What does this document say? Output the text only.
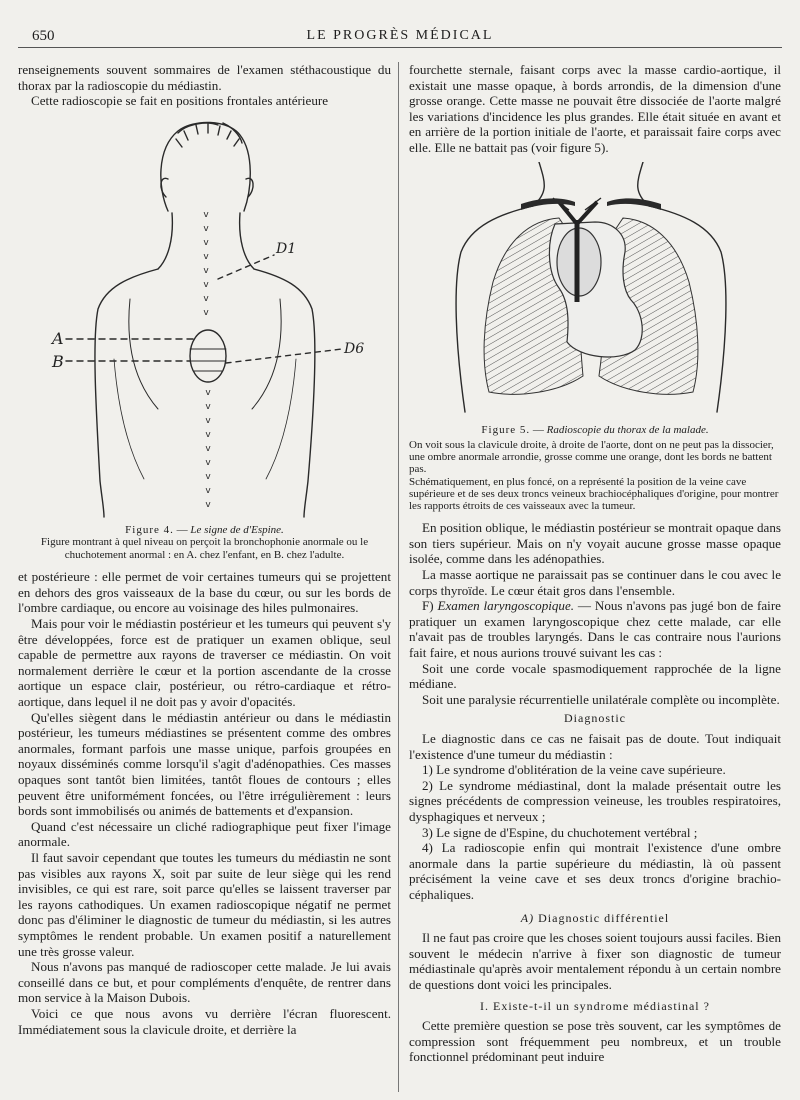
650	LE PROGRÈS MÉDICAL

renseignements souvent sommaires de l'examen stéthacoustique du thorax par la radioscopie du médiastin.

Cette radioscopie se fait en positions frontales antérieure

v
v
v
v
v
v
v
v
v
v
v
v
v
v
v
v
v
A
B
D1
D6
Figure 4. — Le signe de d'Espine.
Figure montrant à quel niveau on perçoit la bronchophonie anormale ou le chuchotement anormal : en A. chez l'enfant, en B. chez l'adulte.

et postérieure : elle permet de voir certaines tumeurs qui se projettent en dehors des gros vaisseaux de la base du cœur, ou sur les bords de l'ombre cardiaque, ou encore au voisinage des hiles pulmonaires.

Mais pour voir le médiastin postérieur et les tumeurs qui peuvent s'y être développées, force est de pratiquer un examen oblique, seul capable de permettre aux rayons de traverser ce médiastin. On voit normalement derrière le cœur et la portion ascendante de la crosse aortique un espace clair, postérieur, ou rétro-cardiaque et rétro-aortique, dans lequel il ne doit pas y avoir d'opacités.

Qu'elles siègent dans le médiastin antérieur ou dans le médiastin postérieur, les tumeurs médiastines se présentent comme des ombres anormales, formant parfois une masse unique, parfois groupées en noyaux disséminés comme lorsqu'il s'agit d'adénopathies. Ces masses opaques sont tantôt bien limitées, tantôt floues de contours ; elles peuvent être uniformément foncées, ou l'être irrégulièrement : leurs bords sont immobilisés ou animés de battements et d'expansion.

Quand c'est nécessaire un cliché radiographique peut fixer l'image anormale.

Il faut savoir cependant que toutes les tumeurs du médiastin ne sont pas visibles aux rayons X, soit par suite de leur siège qui les rend invisibles, ce qui est rare, soit parce qu'elles se laissent traverser par les rayons cathodiques. Un examen radioscopique négatif ne permet donc pas d'éliminer le diagnostic de tumeur du médiastin, si les autres symptômes le rendent probable. Un examen positif a naturellement une très grosse valeur.

Nous n'avons pas manqué de radioscoper cette malade. Je lui avais conseillé dans ce but, et pour compléments d'enquête, de rentrer dans mon service à la Maison Dubois.

Voici ce que nous avons vu derrière l'écran fluorescent. Immédiatement sous la clavicule droite, et derrière la

fourchette sternale, faisant corps avec la masse cardio-aortique, il existait une masse opaque, à bords arrondis, de la dimension d'une grosse orange. Cette masse ne pouvait être dissociée de l'aorte malgré les variations d'incidence les plus grandes. Elle était située en avant et en arrière de la portion initiale de l'aorte, et paraissait faire corps avec elle. Elle ne battait pas (voir figure 5).

Figure 5. — Radioscopie du thorax de la malade.
On voit sous la clavicule droite, à droite de l'aorte, dont on ne peut pas la dissocier, une ombre anormale arrondie, grosse comme une orange, dont les bords ne battent pas.
Schématiquement, en plus foncé, on a représenté la position de la veine cave supérieure et de ses deux troncs veineux brachiocéphaliques d'origine, pour montrer les rapports étroits de ces vaisseaux avec la tumeur.

En position oblique, le médiastin postérieur se montrait opaque dans son tiers supérieur. Mais on n'y voyait aucune grosse masse opaque isolée, comme dans les adénopathies.

La masse aortique ne paraissait pas se continuer dans le cou avec le corps thyroïde. Le cœur était gros dans l'ensemble.

F) Examen laryngoscopique. — Nous n'avons pas jugé bon de faire pratiquer un examen laryngoscopique chez cette malade, car elle n'avait pas de troubles laryngés. Dans le cas contraire nous l'aurions fait faire, et nous aurions trouvé suivant les cas :

Soit une corde vocale spasmodiquement rapprochée de la ligne médiane.

Soit une paralysie récurrentielle unilatérale complète ou incomplète.

Diagnostic

Le diagnostic dans ce cas ne faisait pas de doute. Tout indiquait l'existence d'une tumeur du médiastin :

1) Le syndrome d'oblitération de la veine cave supérieure.

2) Le syndrome médiastinal, dont la malade présentait outre les signes précédents de compression veineuse, les troubles respiratoires, dysphagiques et nerveux ;

3) Le signe de d'Espine, du chuchotement vertébral ;

4) La radioscopie enfin qui montrait l'existence d'une ombre anormale dans la partie supérieure du médiastin, là où passent précisément la veine cave et ses deux troncs d'origine brachio-céphaliques.

A) Diagnostic différentiel

Il ne faut pas croire que les choses soient toujours aussi faciles. Bien souvent le médecin n'arrive à fixer son diagnostic de tumeur médiastinale qu'après avoir mentalement répondu à un certain nombre de questions dont voici les principales.

I. Existe-t-il un syndrome médiastinal ?

Cette première question se pose très souvent, car les symptômes de compression sont fréquemment peu nombreux, et un trouble fonctionnel prédominant peut induire
